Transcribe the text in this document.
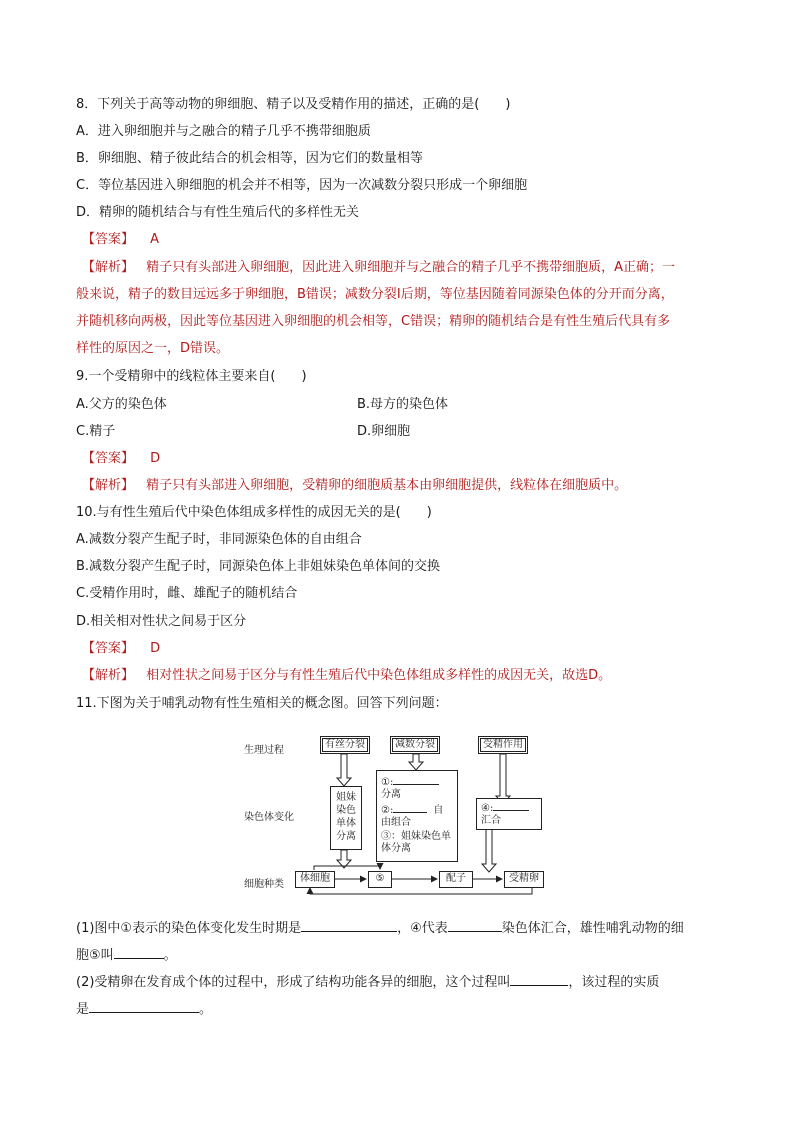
8．下列关于高等动物的卵细胞、精子以及受精作用的描述，正确的是(　　)
A．进入卵细胞并与之融合的精子几乎不携带细胞质
B．卵细胞、精子彼此结合的机会相等，因为它们的数量相等
C．等位基因进入卵细胞的机会并不相等，因为一次减数分裂只形成一个卵细胞
D．精卵的随机结合与有性生殖后代的多样性无关
【答案】 A
【解析】 精子只有头部进入卵细胞，因此进入卵细胞并与之融合的精子几乎不携带细胞质，A正确；一
般来说，精子的数目远远多于卵细胞，B错误；减数分裂Ⅰ后期，等位基因随着同源染色体的分开而分离，
并随机移向两极，因此等位基因进入卵细胞的机会相等，C错误；精卵的随机结合是有性生殖后代具有多
样性的原因之一，D错误。
9.一个受精卵中的线粒体主要来自(　　)
A.父方的染色体	B.母方的染色体
C.精子	D.卵细胞
【答案】 D
【解析】 精子只有头部进入卵细胞，受精卵的细胞质基本由卵细胞提供，线粒体在细胞质中。
10.与有性生殖后代中染色体组成多样性的成因无关的是(　　)
A.减数分裂产生配子时，非同源染色体的自由组合
B.减数分裂产生配子时，同源染色体上非姐妹染色单体间的交换
C.受精作用时，雌、雄配子的随机结合
D.相关相对性状之间易于区分
【答案】 D
【解析】 相对性状之间易于区分与有性生殖后代中染色体组成多样性的成因无关，故选D。
11.下图为关于哺乳动物有性生殖相关的概念图。回答下列问题：
生理过程
染色体变化
细胞种类
有丝分裂	减数分裂	受精作用
姐妹
染色
单体
分离
①:
分离
②:	自
由组合
③：姐妹染色单
体分离
④:
汇合
体细胞	⑤	配子	受精卵
(1)图中①表示的染色体变化发生时期是	，④代表	染色体汇合，雄性哺乳动物的细
胞⑤叫	。
(2)受精卵在发育成个体的过程中，形成了结构功能各异的细胞，这个过程叫	，该过程的实质
是	。
